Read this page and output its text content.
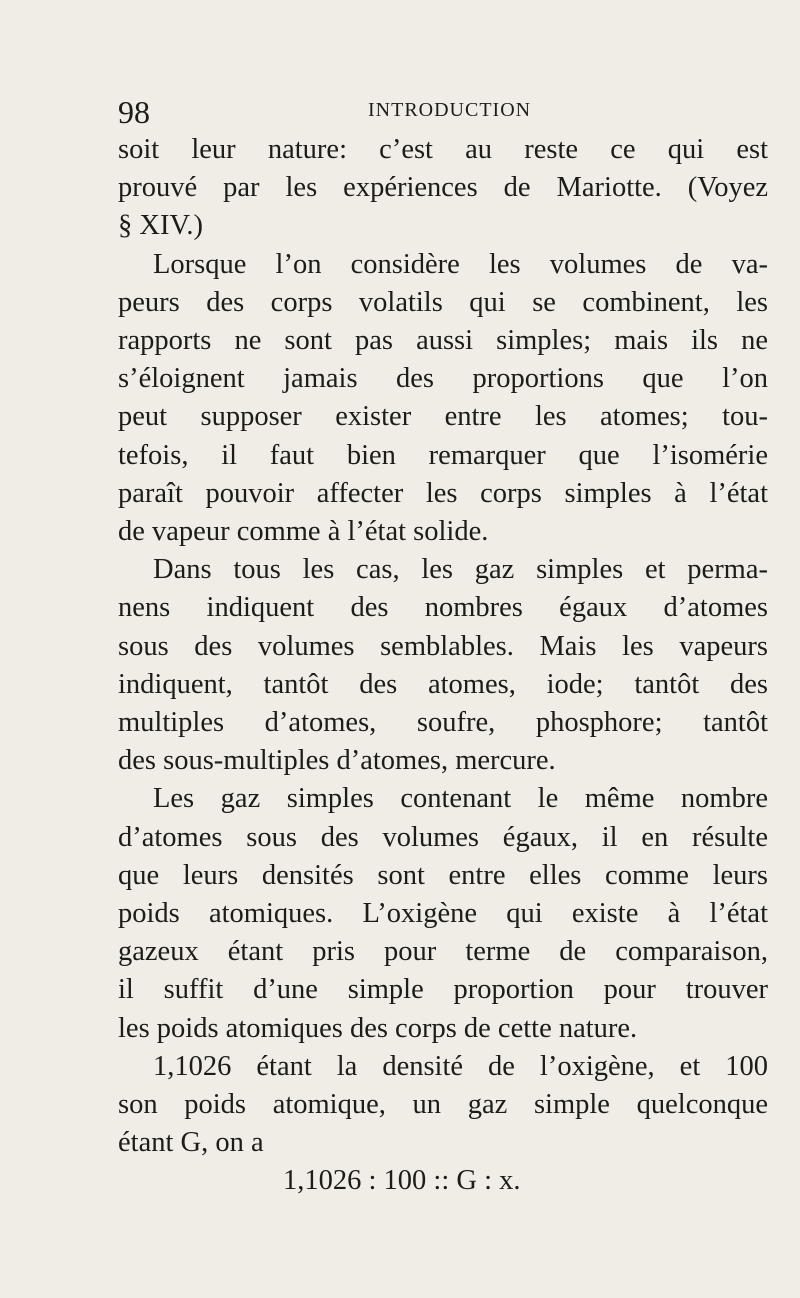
98	INTRODUCTION
soit leur nature: c’est au reste ce qui est
prouvé par les expériences de Mariotte. (Voyez
§ XIV.)
Lorsque l’on considère les volumes de va-
peurs des corps volatils qui se combinent, les
rapports ne sont pas aussi simples; mais ils ne
s’éloignent jamais des proportions que l’on
peut supposer exister entre les atomes; tou-
tefois, il faut bien remarquer que l’isomérie
paraît pouvoir affecter les corps simples à l’état
de vapeur comme à l’état solide.
Dans tous les cas, les gaz simples et perma-
nens indiquent des nombres égaux d’atomes
sous des volumes semblables. Mais les vapeurs
indiquent, tantôt des atomes, iode; tantôt des
multiples d’atomes, soufre, phosphore; tantôt
des sous-multiples d’atomes, mercure.
Les gaz simples contenant le même nombre
d’atomes sous des volumes égaux, il en résulte
que leurs densités sont entre elles comme leurs
poids atomiques. L’oxigène qui existe à l’état
gazeux étant pris pour terme de comparaison,
il suffit d’une simple proportion pour trouver
les poids atomiques des corps de cette nature.
1,1026 étant la densité de l’oxigène, et 100
son poids atomique, un gaz simple quelconque
étant G, on a
1,1026 : 100 :: G : x.
